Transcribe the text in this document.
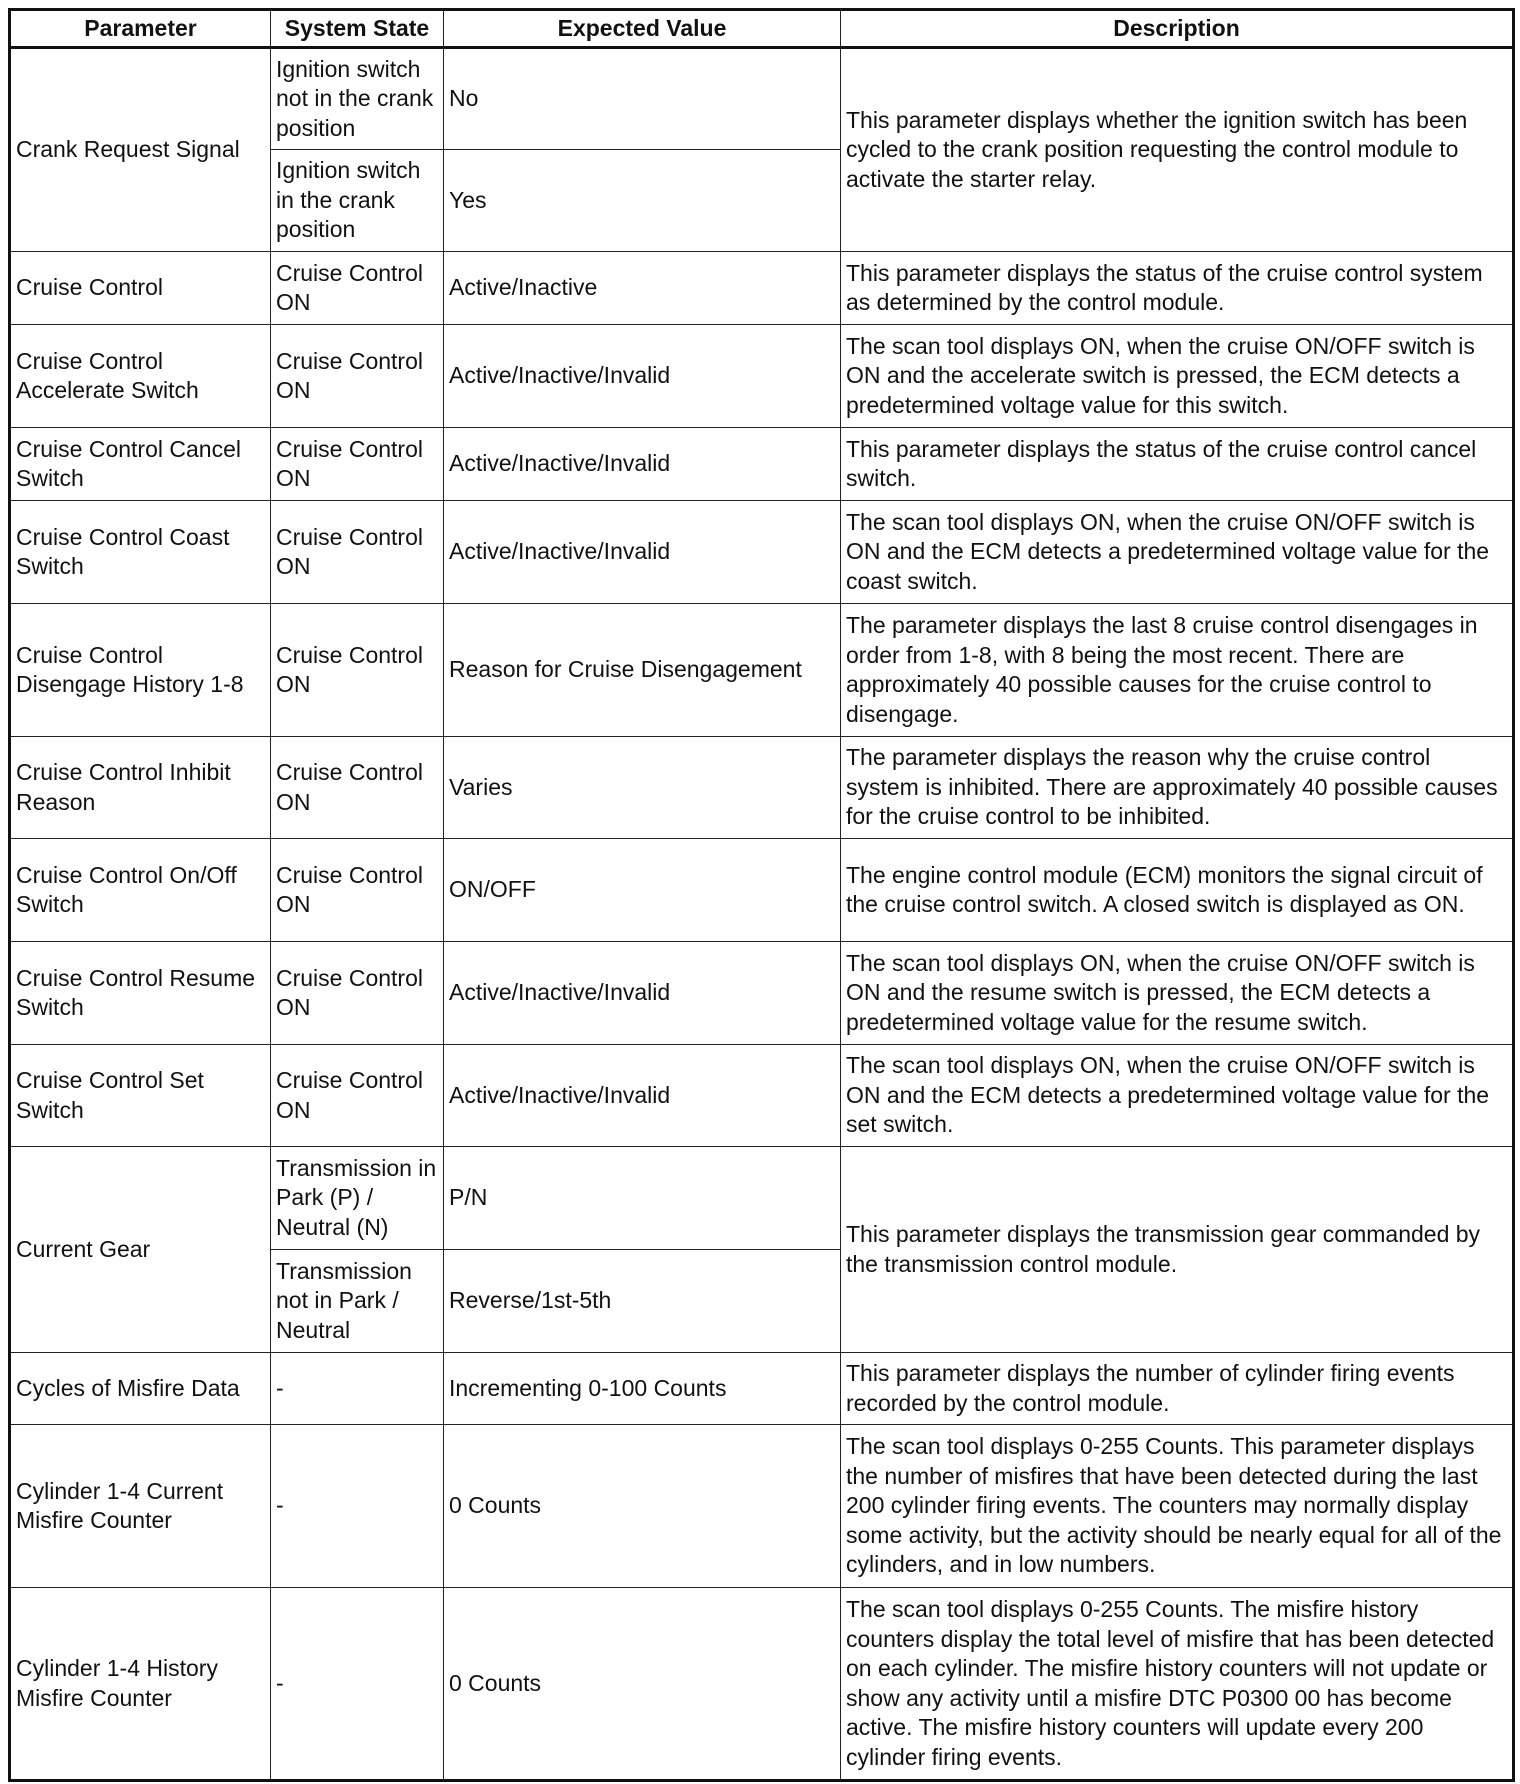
Parameter	System State	Expected Value	Description
Crank Request Signal	Ignition switch not in the crank position	No	This parameter displays whether the ignition switch has been cycled to the crank position requesting the control module to activate the starter relay.
	Ignition switch in the crank position	Yes	
Cruise Control	Cruise Control ON	Active/Inactive	This parameter displays the status of the cruise control system as determined by the control module.
Cruise Control Accelerate Switch	Cruise Control ON	Active/Inactive/Invalid	The scan tool displays ON, when the cruise ON/OFF switch is ON and the accelerate switch is pressed, the ECM detects a predetermined voltage value for this switch.
Cruise Control Cancel Switch	Cruise Control ON	Active/Inactive/Invalid	This parameter displays the status of the cruise control cancel switch.
Cruise Control Coast Switch	Cruise Control ON	Active/Inactive/Invalid	The scan tool displays ON, when the cruise ON/OFF switch is ON and the ECM detects a predetermined voltage value for the coast switch.
Cruise Control Disengage History 1-8	Cruise Control ON	Reason for Cruise Disengagement	The parameter displays the last 8 cruise control disengages in order from 1-8, with 8 being the most recent. There are approximately 40 possible causes for the cruise control to disengage.
Cruise Control Inhibit Reason	Cruise Control ON	Varies	The parameter displays the reason why the cruise control system is inhibited. There are approximately 40 possible causes for the cruise control to be inhibited.
Cruise Control On/Off Switch	Cruise Control ON	ON/OFF	The engine control module (ECM) monitors the signal circuit of the cruise control switch. A closed switch is displayed as ON.
Cruise Control Resume Switch	Cruise Control ON	Active/Inactive/Invalid	The scan tool displays ON, when the cruise ON/OFF switch is ON and the resume switch is pressed, the ECM detects a predetermined voltage value for the resume switch.
Cruise Control Set Switch	Cruise Control ON	Active/Inactive/Invalid	The scan tool displays ON, when the cruise ON/OFF switch is ON and the ECM detects a predetermined voltage value for the set switch.
Current Gear	Transmission in Park (P) / Neutral (N)	P/N	This parameter displays the transmission gear commanded by the transmission control module.
	Transmission not in Park / Neutral	Reverse/1st-5th	
Cycles of Misfire Data	-	Incrementing 0-100 Counts	This parameter displays the number of cylinder firing events recorded by the control module.
Cylinder 1-4 Current Misfire Counter	-	0 Counts	The scan tool displays 0-255 Counts. This parameter displays the number of misfires that have been detected during the last 200 cylinder firing events. The counters may normally display some activity, but the activity should be nearly equal for all of the cylinders, and in low numbers.
Cylinder 1-4 History Misfire Counter	-	0 Counts	The scan tool displays 0-255 Counts. The misfire history counters display the total level of misfire that has been detected on each cylinder. The misfire history counters will not update or show any activity until a misfire DTC P0300 00 has become active. The misfire history counters will update every 200 cylinder firing events.
